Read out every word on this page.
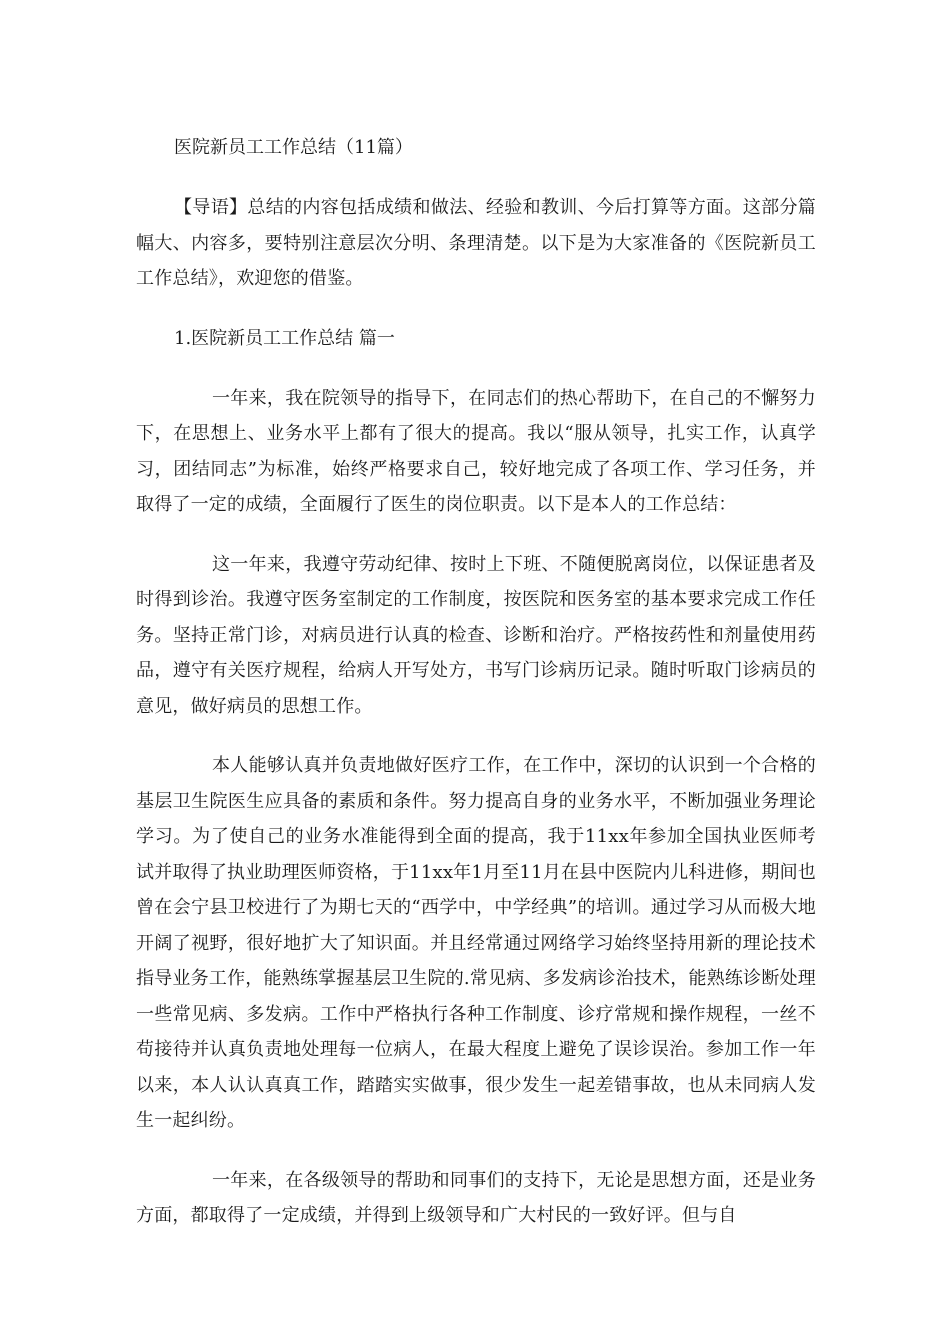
医院新员工工作总结（11篇）

【导语】总结的内容包括成绩和做法、经验和教训、今后打算等方面。这部分篇幅大、内容多，要特别注意层次分明、条理清楚。以下是为大家准备的《医院新员工工作总结》，欢迎您的借鉴。

1.医院新员工工作总结 篇一

一年来，我在院领导的指导下，在同志们的热心帮助下，在自己的不懈努力下，在思想上、业务水平上都有了很大的提高。我以“服从领导，扎实工作，认真学习，团结同志”为标准，始终严格要求自己，较好地完成了各项工作、学习任务，并取得了一定的成绩，全面履行了医生的岗位职责。以下是本人的工作总结：

这一年来，我遵守劳动纪律、按时上下班、不随便脱离岗位，以保证患者及时得到诊治。我遵守医务室制定的工作制度，按医院和医务室的基本要求完成工作任务。坚持正常门诊，对病员进行认真的检查、诊断和治疗。严格按药性和剂量使用药品，遵守有关医疗规程，给病人开写处方，书写门诊病历记录。随时听取门诊病员的意见，做好病员的思想工作。

本人能够认真并负责地做好医疗工作，在工作中，深切的认识到一个合格的基层卫生院医生应具备的素质和条件。努力提高自身的业务水平，不断加强业务理论学习。为了使自己的业务水准能得到全面的提高，我于11xx年参加全国执业医师考试并取得了执业助理医师资格，于11xx年1月至11月在县中医院内儿科进修，期间也曾在会宁县卫校进行了为期七天的“西学中，中学经典”的培训。通过学习从而极大地开阔了视野，很好地扩大了知识面。并且经常通过网络学习始终坚持用新的理论技术指导业务工作，能熟练掌握基层卫生院的.常见病、多发病诊治技术，能熟练诊断处理一些常见病、多发病。工作中严格执行各种工作制度、诊疗常规和操作规程，一丝不苟接待并认真负责地处理每一位病人，在最大程度上避免了误诊误治。参加工作一年以来，本人认认真真工作，踏踏实实做事，很少发生一起差错事故，也从未同病人发生一起纠纷。

一年来，在各级领导的帮助和同事们的支持下，无论是思想方面，还是业务方面，都取得了一定成绩，并得到上级领导和广大村民的一致好评。但与自
